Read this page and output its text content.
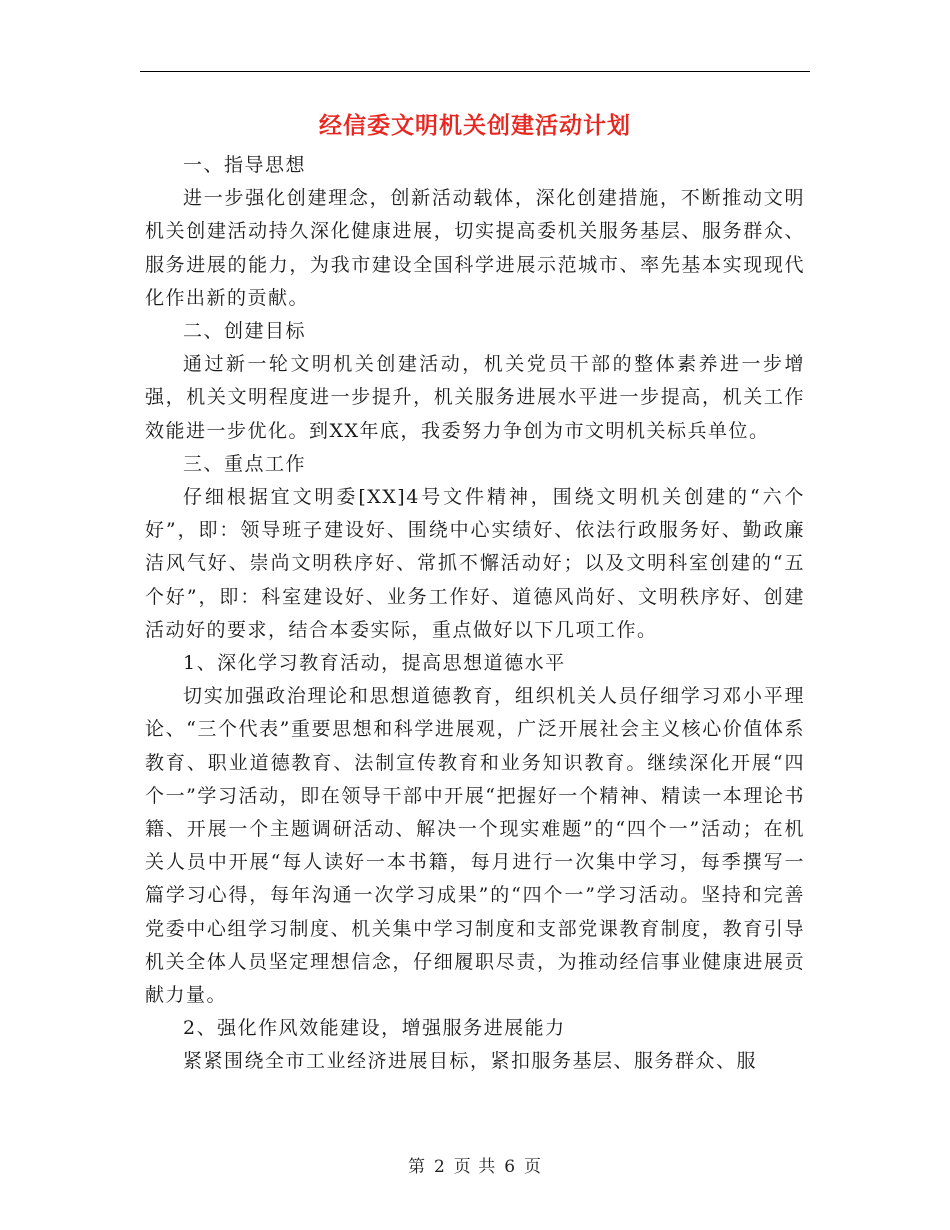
经信委文明机关创建活动计划

一、指导思想

进一步强化创建理念，创新活动载体，深化创建措施，不断推动文明机关创建活动持久深化健康进展，切实提高委机关服务基层、服务群众、服务进展的能力，为我市建设全国科学进展示范城市、率先基本实现现代化作出新的贡献。

二、创建目标

通过新一轮文明机关创建活动，机关党员干部的整体素养进一步增强，机关文明程度进一步提升，机关服务进展水平进一步提高，机关工作效能进一步优化。到XX年底，我委努力争创为市文明机关标兵单位。

三、重点工作

仔细根据宜文明委[XX]4号文件精神，围绕文明机关创建的“六个好”，即：领导班子建设好、围绕中心实绩好、依法行政服务好、勤政廉洁风气好、崇尚文明秩序好、常抓不懈活动好；以及文明科室创建的“五个好”，即：科室建设好、业务工作好、道德风尚好、文明秩序好、创建活动好的要求，结合本委实际，重点做好以下几项工作。

1、深化学习教育活动，提高思想道德水平

切实加强政治理论和思想道德教育，组织机关人员仔细学习邓小平理论、“三个代表”重要思想和科学进展观，广泛开展社会主义核心价值体系教育、职业道德教育、法制宣传教育和业务知识教育。继续深化开展“四个一”学习活动，即在领导干部中开展“把握好一个精神、精读一本理论书籍、开展一个主题调研活动、解决一个现实难题”的“四个一”活动；在机关人员中开展“每人读好一本书籍，每月进行一次集中学习，每季撰写一篇学习心得，每年沟通一次学习成果”的“四个一”学习活动。坚持和完善党委中心组学习制度、机关集中学习制度和支部党课教育制度，教育引导机关全体人员坚定理想信念，仔细履职尽责，为推动经信事业健康进展贡献力量。

2、强化作风效能建设，增强服务进展能力

紧紧围绕全市工业经济进展目标，紧扣服务基层、服务群众、服

第 2 页 共 6 页
